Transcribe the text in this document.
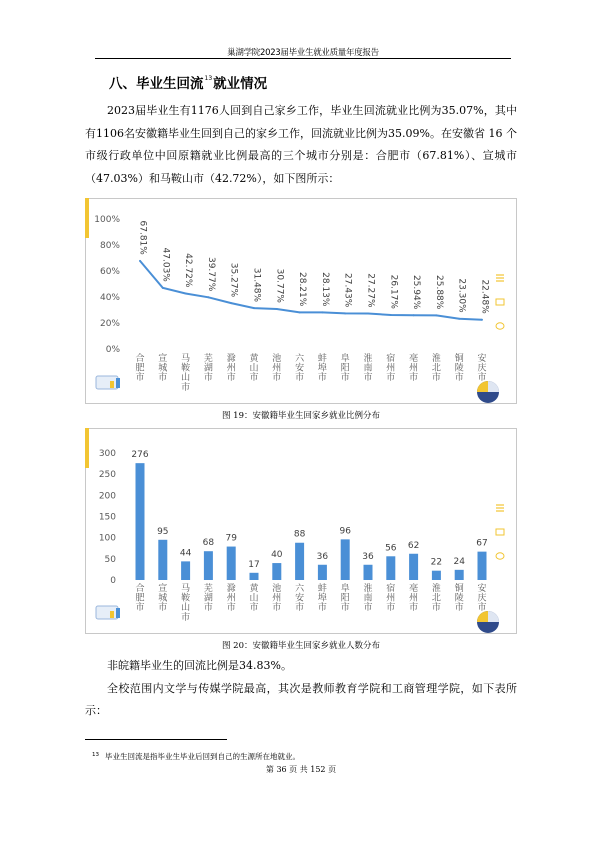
巢湖学院2023届毕业生就业质量年度报告
八、毕业生回流$^{13}$就业情况

2023届毕业生有1176人回到自己家乡工作，毕业生回流就业比例为35.07%，其中有1106名安徽籍毕业生回到自己的家乡工作，回流就业比例为35.09%。在安徽省 16 个市级行政单位中回原籍就业比例最高的三个城市分别是：合肥市（67.81%）、宣城市（47.03%）和马鞍山市（42.72%），如下图所示：

0%
20%
40%
60%
80%
100%
67.81%
47.03% 42.72% 39.77% 35.27% 31.48% 30.77% 28.21% 28.13% 27.43% 27.27% 26.17% 25.94% 25.88% 23.30% 22.48%
合肥市
宣城市
马鞍山市
芜湖市
滁州市
黄山市
池州市
六安市
蚌埠市
阜阳市
淮南市
宿州市
亳州市
淮北市
铜陵市
安庆市
图 19：安徽籍毕业生回家乡就业比例分布
0
50
100
150
200
250
300 276
95
44
68 79
17
40
88
36
96
36
56 62
22 24
67
合肥市
宣城市
马鞍山市
芜湖市
滁州市
黄山市
池州市
六安市
蚌埠市
阜阳市
淮南市
宿州市
亳州市
淮北市
铜陵市
安庆市
图 20：安徽籍毕业生回家乡就业人数分布

非皖籍毕业生的回流比例是34.83%。

全校范围内文学与传媒学院最高，其次是教师教育学院和工商管理学院，如下表所示：

$^{13}$ 毕业生回流是指毕业生毕业后回到自己的生源所在地就业。
第 36 页 共 152 页
